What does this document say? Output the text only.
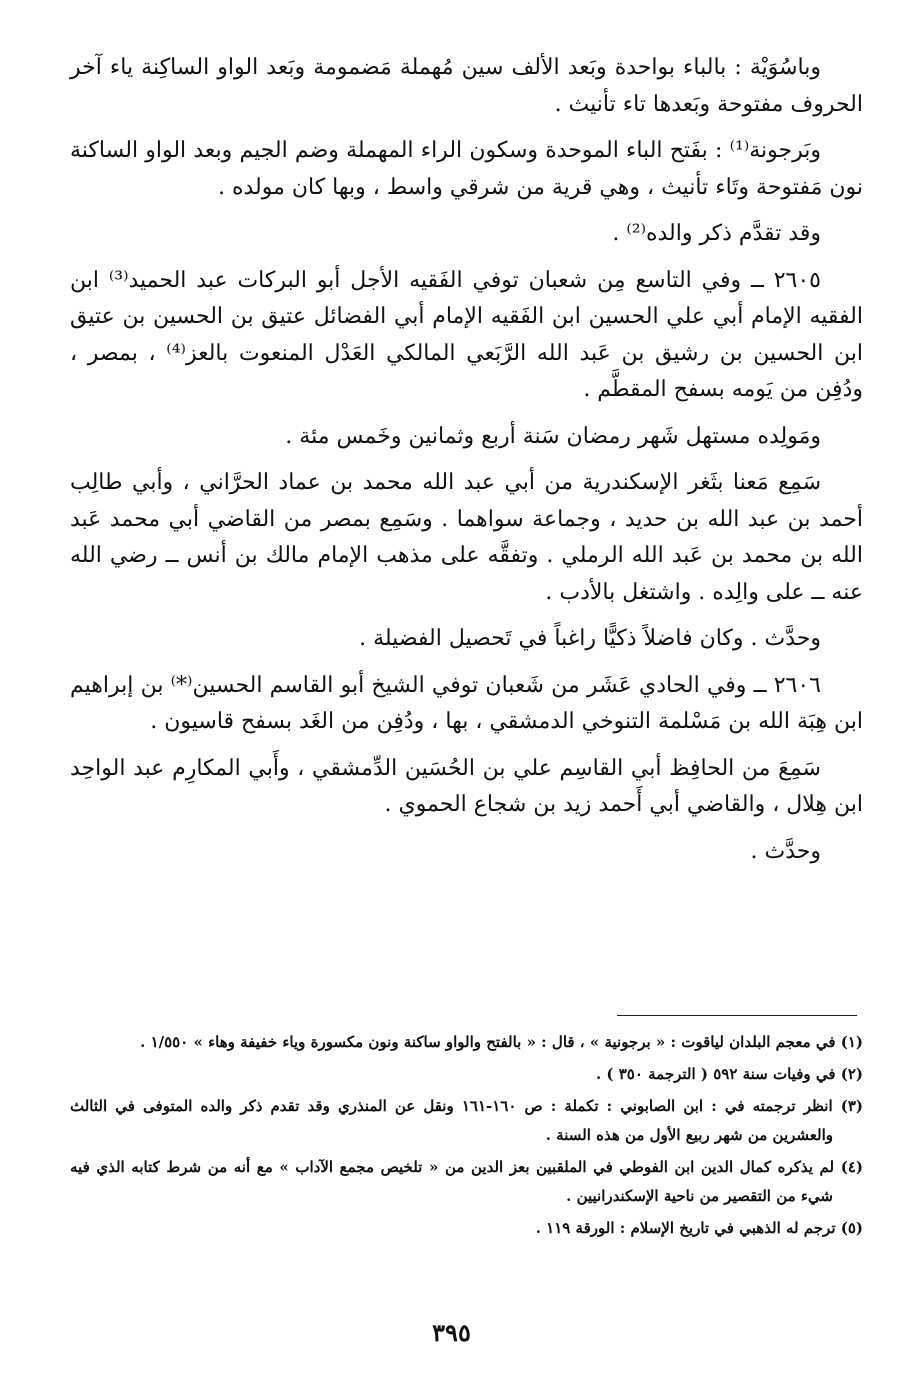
وباسُوَيْة : بالباء بواحدة وبَعد الألف سين مُهملة مَضمومة وبَعد الواو الساكِنة ياء آخر الحروف مفتوحة وبَعدها تاء تأنيث .

وبَرجونة⁽¹⁾ : بفَتح الباء الموحدة وسكون الراء المهملة وضم الجيم وبعد الواو الساكنة نون مَفتوحة وتَاء تأنيث ، وهي قرية من شرقي واسط ، وبها كان مولده .

وقد تقدَّم ذكر والده⁽²⁾ .

٢٦٠٥ ــ وفي التاسع مِن شعبان توفي الفَقيه الأجل أبو البركات عبد الحميد⁽³⁾ ابن الفقيه الإمام أبي علي الحسين ابن الفَقيه الإمام أبي الفضائل عتيق بن الحسين بن عتيق ابن الحسين بن رشيق بن عَبد الله الرَّبَعي المالكي العَدْل المنعوت بالعز⁽⁴⁾ ، بمصر ، ودُفِن من يَومه بسفح المقطَّم .

ومَولِده مستهل شَهر رمضان سَنة أربع وثمانين وخَمس مئة .

سَمِع مَعنا بثَغر الإسكندرية من أبي عبد الله محمد بن عماد الحرَّاني ، وأبي طالِب أحمد بن عبد الله بن حديد ، وجماعة سواهما . وسَمِع بمصر من القاضي أبي محمد عَبد الله بن محمد بن عَبد الله الرملي . وتفقَّه على مذهب الإمام مالك بن أنس ــ رضي الله عنه ــ على والِده . واشتغل بالأدب .

وحدَّث . وكان فاضلاً ذكيًّا راغباً في تَحصيل الفضيلة .

٢٦٠٦ ــ وفي الحادي عَشَر من شَعبان توفي الشيخ أبو القاسم الحسين⁽*⁾ بن إبراهيم ابن هِبَة الله بن مَسْلمة التنوخي الدمشقي ، بها ، ودُفِن من الغَد بسفح قاسيون .

سَمِعَ من الحافِظ أبي القاسِم علي بن الحُسَين الدِّمشقي ، وأَبي المكارِم عبد الواحِد ابن هِلال ، والقاضي أبي أَحمد زيد بن شجاع الحموي .

وحدَّث .

(١) في معجم البلدان لياقوت : « برجونية » ، قال : « بالفتح والواو ساكنة ونون مكسورة وياء خفيفة وهاء » ١/٥٥٠ .

(٢) في وفيات سنة ٥٩٢ ( الترجمة ٣٥٠ ) .

(٣) انظر ترجمته في : ابن الصابوني : تكملة : ص ١٦٠-١٦١ ونقل عن المنذري وقد تقدم ذكر والده المتوفى في الثالث والعشرين من شهر ربيع الأول من هذه السنة .

(٤) لم يذكره كمال الدين ابن الفوطي في الملقبين بعز الدين من « تلخيص مجمع الآداب » مع أنه من شرط كتابه الذي فيه شيء من التقصير من ناحية الإسكندرانيين .

(٥) ترجم له الذهبي في تاريخ الإسلام : الورقة ١١٩ .

٣٩٥
